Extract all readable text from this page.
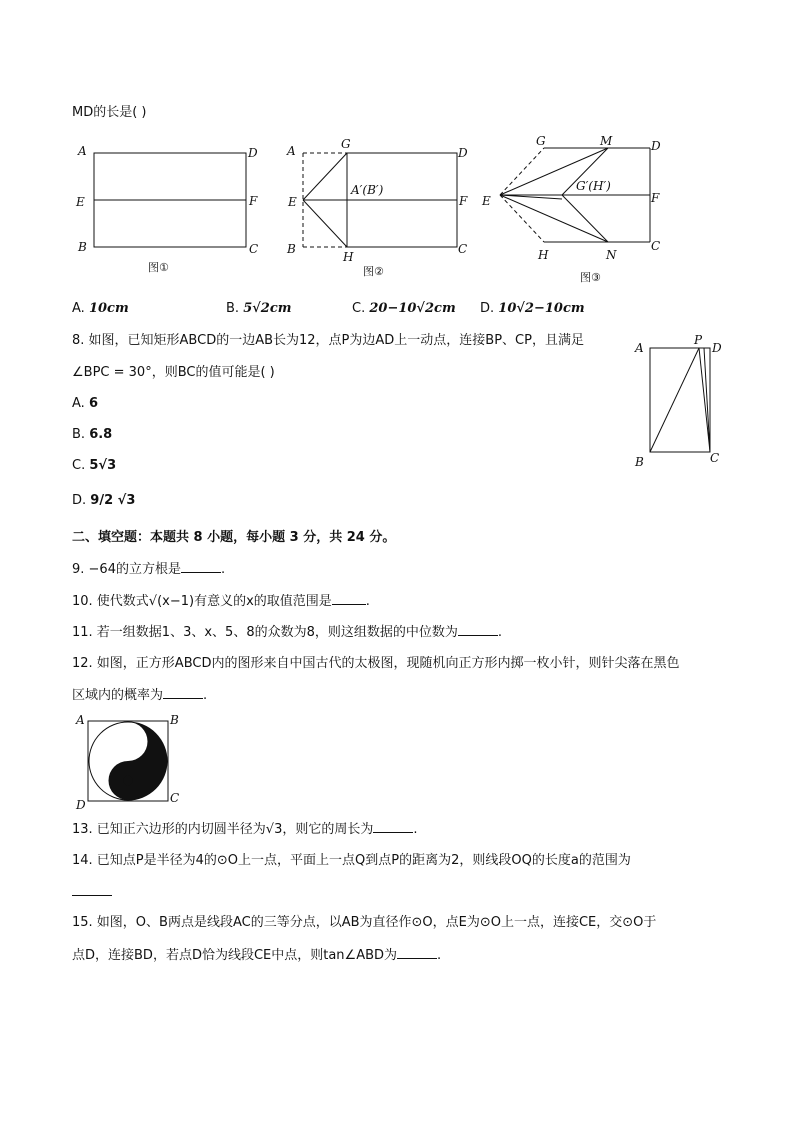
MD的长是( )
A	D
E	F
B	C
图①
A	G
D
E	F
A′(B′)
B
H
C
图②
G	M	D
E
G′(H′)
F
H	N
C
图③
A. 10cm	B. 5√2cm	C. 20−10√2cm D. 10√2−10cm
8. 如图，已知矩形ABCD的一边AB长为12，点P为边AD上一动点，连接BP、CP，且满足
∠BPC = 30°，则BC的值可能是( )
A. 6
B. 6.8
C. 5√3
D. 9/2 √3
A
P
D
B	C
二、填空题：本题共 8 小题，每小题 3 分，共 24 分。
9. −64的立方根是	.
10. 使代数式√(x−1)有意义的x的取值范围是	.
11. 若一组数据1、3、x、5、8的众数为8，则这组数据的中位数为	.
12. 如图，正方形ABCD内的图形来自中国古代的太极图，现随机向正方形内掷一枚小针，则针尖落在黑色
区域内的概率为	.
A	B
C
D
13. 已知正六边形的内切圆半径为√3，则它的周长为	.
14. 已知点P是半径为4的⊙O上一点，平面上一点Q到点P的距离为2，则线段OQ的长度a的范围为
15. 如图，O、B两点是线段AC的三等分点，以AB为直径作⊙O，点E为⊙O上一点，连接CE，交⊙O于
点D，连接BD，若点D恰为线段CE中点，则tan∠ABD为	.
